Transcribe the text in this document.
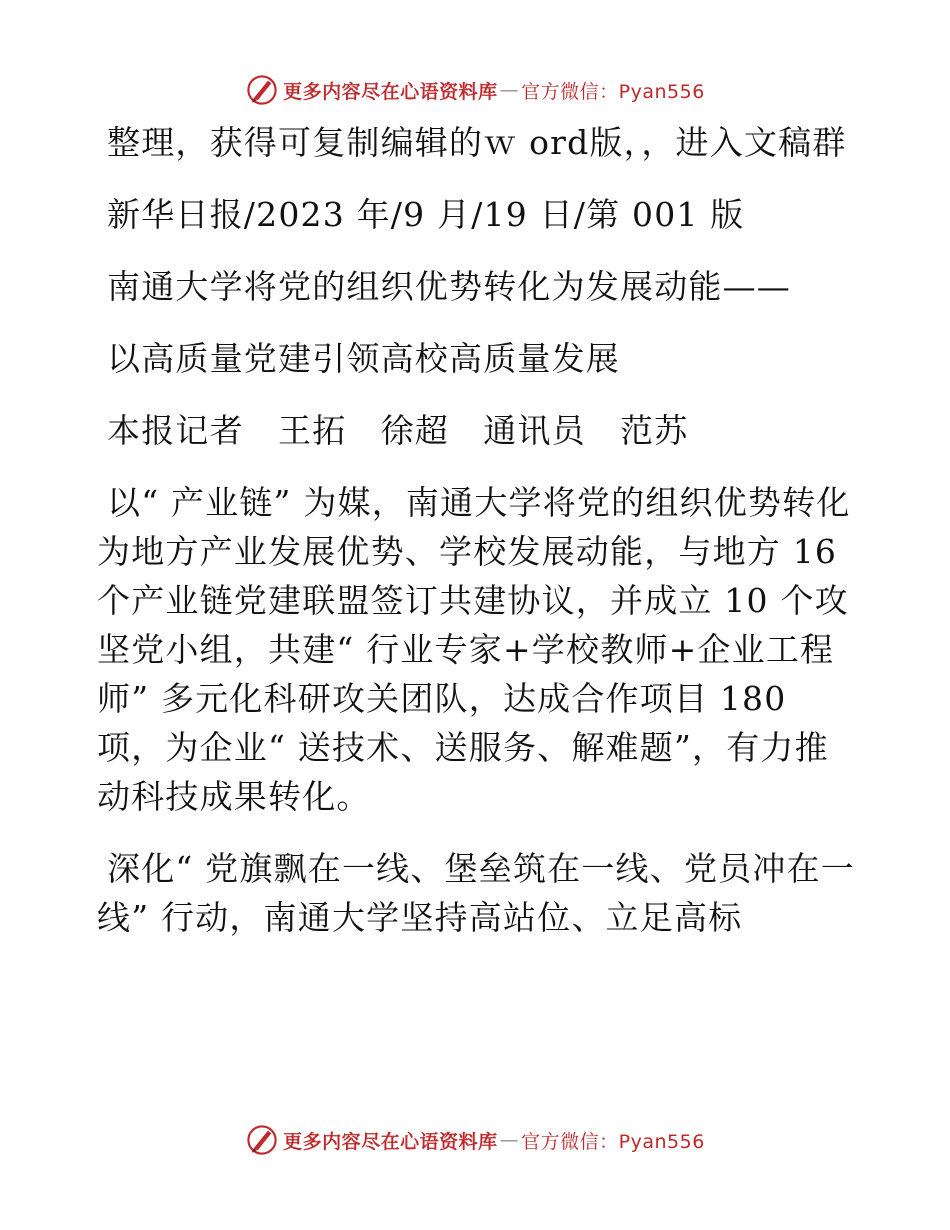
更多内容尽在心语资料库 — 官方微信：Pyan556

整理，获得可复制编辑的ｗ ord版，，进入文稿群

新华日报/2023 年/9 月/19 日/第 001 版

南通大学将党的组织优势转化为发展动能——

以高质量党建引领高校高质量发展

本报记者　王拓　徐超　通讯员　范苏

以“ 产业链” 为媒，南通大学将党的组织优势转化为地方产业发展优势、学校发展动能，与地方 16 个产业链党建联盟签订共建协议，并成立 10 个攻坚党小组，共建“ 行业专家+学校教师+企业工程师” 多元化科研攻关团队，达成合作项目 180 项，为企业“ 送技术、送服务、解难题”，有力推动科技成果转化。

深化“ 党旗飘在一线、堡垒筑在一线、党员冲在一线” 行动，南通大学坚持高站位、立足高标

更多内容尽在心语资料库 — 官方微信：Pyan556
